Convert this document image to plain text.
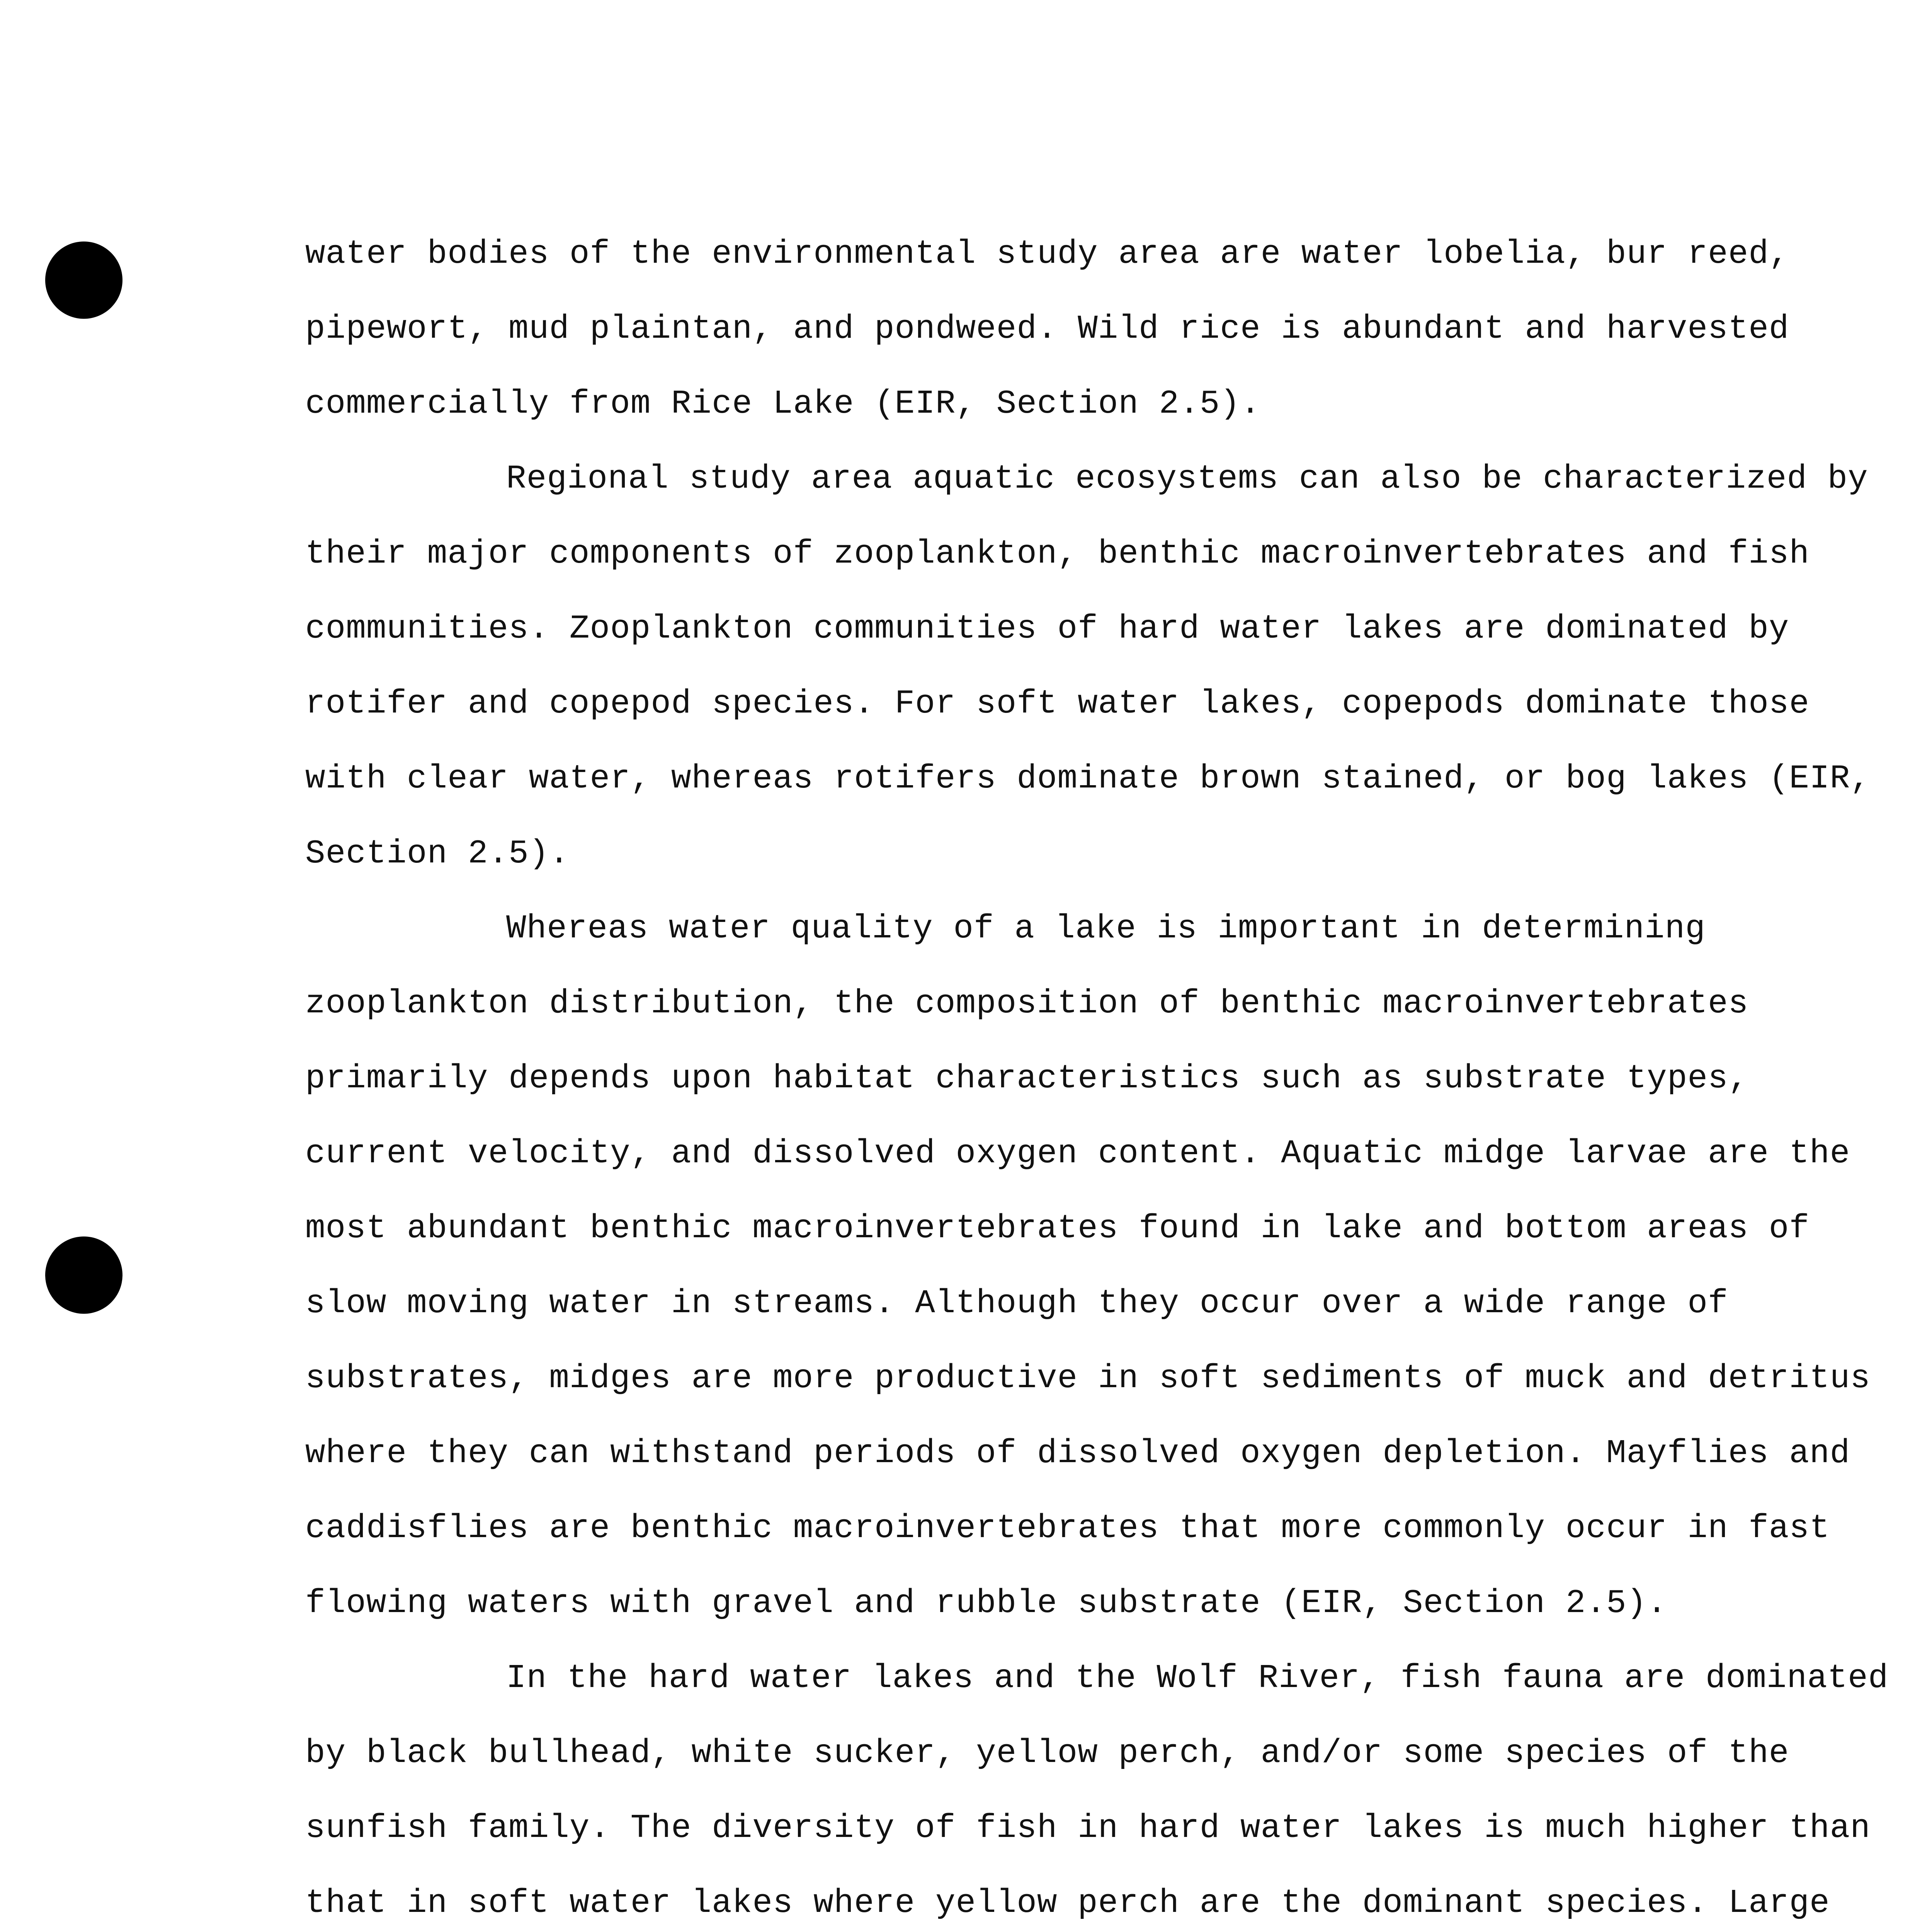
water bodies of the environmental study area are water lobelia, bur reed,
pipewort, mud plaintan, and pondweed. Wild rice is abundant and harvested
commercially from Rice Lake (EIR, Section 2.5).
Regional study area aquatic ecosystems can also be characterized by
their major components of zooplankton, benthic macroinvertebrates and fish
communities. Zooplankton communities of hard water lakes are dominated by
rotifer and copepod species. For soft water lakes, copepods dominate those
with clear water, whereas rotifers dominate brown stained, or bog lakes (EIR,
Section 2.5).
Whereas water quality of a lake is important in determining
zooplankton distribution, the composition of benthic macroinvertebrates
primarily depends upon habitat characteristics such as substrate types,
current velocity, and dissolved oxygen content. Aquatic midge larvae are the
most abundant benthic macroinvertebrates found in lake and bottom areas of
slow moving water in streams. Although they occur over a wide range of
substrates, midges are more productive in soft sediments of muck and detritus
where they can withstand periods of dissolved oxygen depletion. Mayflies and
caddisflies are benthic macroinvertebrates that more commonly occur in fast
flowing waters with gravel and rubble substrate (EIR, Section 2.5).
In the hard water lakes and the Wolf River, fish fauna are dominated
by black bullhead, white sucker, yellow perch, and/or some species of the
sunfish family. The diversity of fish in hard water lakes is much higher than
that in soft water lakes where yellow perch are the dominant species. Large
